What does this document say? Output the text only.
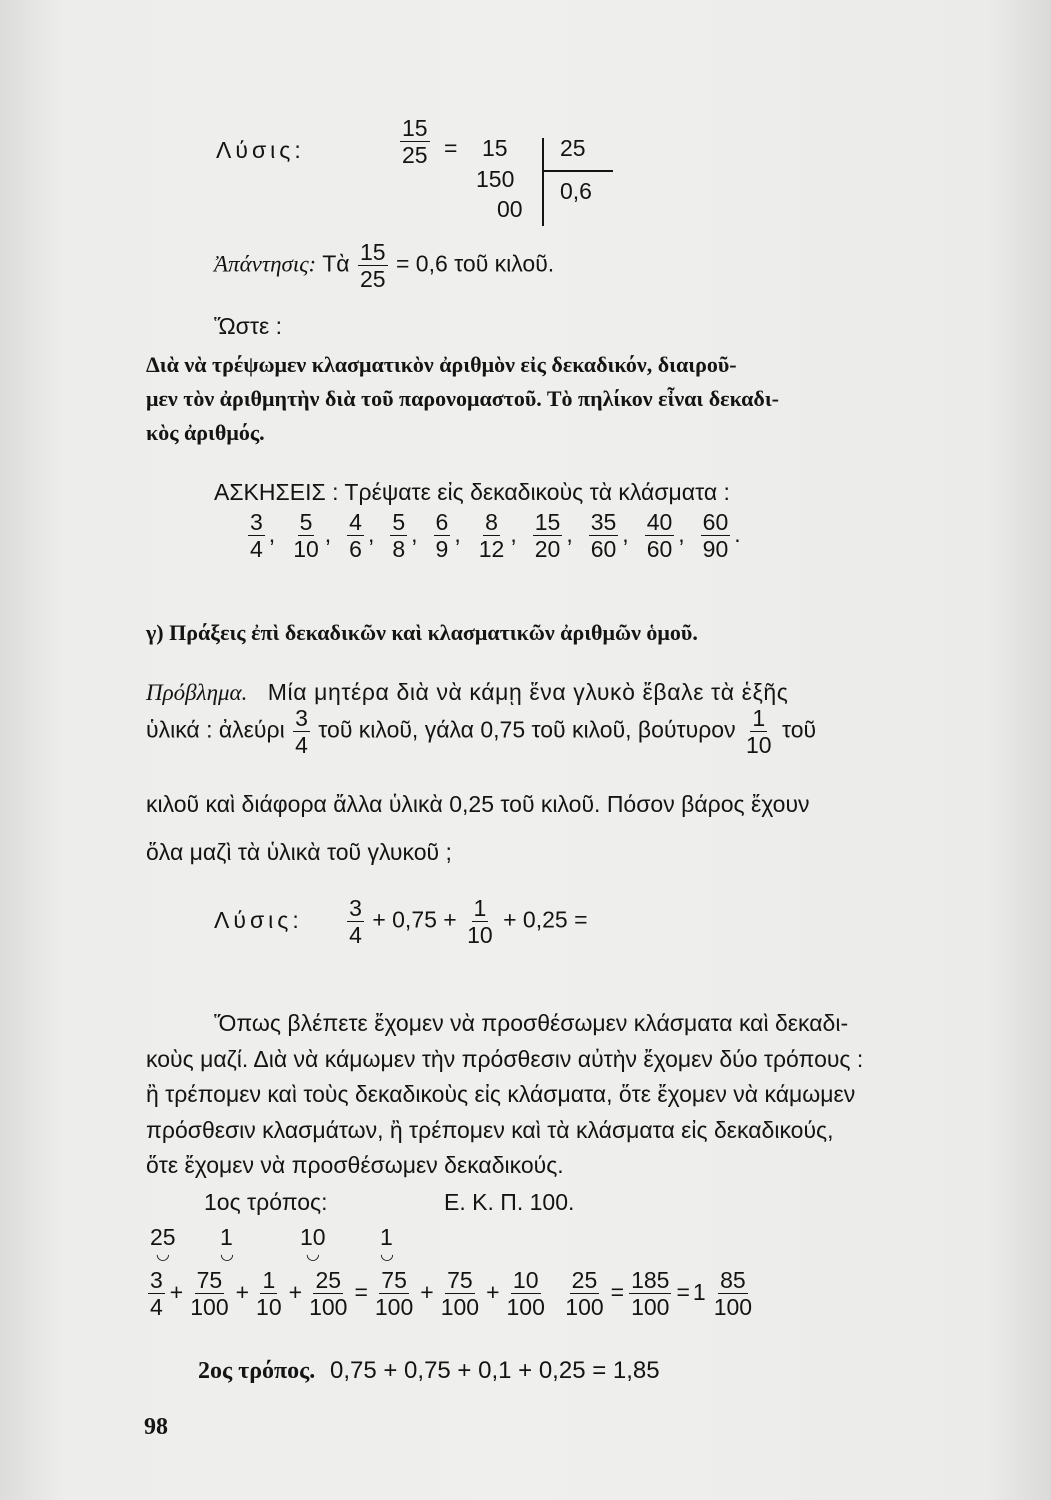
Λύσις:	$\frac{15}{25} = 15$ 25
150
00
0,6
Ἀπάντησις: Τὰ $\frac{15}{25} = 0,6$ τοῦ κιλοῦ.
Ὥστε :
Διὰ νὰ τρέψωμεν κλασματικὸν ἀριθμὸν εἰς δεκαδικόν, διαιροῦ-
μεν τὸν ἀριθμητὴν διὰ τοῦ παρονομαστοῦ. Τὸ πηλίκον εἶναι δεκαδι-
κὸς ἀριθμός.
ΑΣΚΗΣΕΙΣ : Τρέψατε εἰς δεκαδικοὺς τὰ κλάσματα :
$\frac{3}{4}$ , $\frac{5}{10}$ , $\frac{4}{6}$ , $\frac{5}{8}$ , $\frac{6}{9}$ , $\frac{8}{12}$ , $\frac{15}{20}$ , $\frac{35}{60}$ , $\frac{40}{60}$ , $\frac{60}{90}$ .
γ) Πράξεις ἐπὶ δεκαδικῶν καὶ κλασματικῶν ἀριθμῶν ὁμοῦ.
Πρόβλημα. Μία μητέρα διὰ νὰ κάμῃ ἕνα γλυκὸ ἔβαλε τὰ ἑξῆς
ὑλικά : ἀλεύρι $\frac{3}{4}$ τοῦ κιλοῦ, γάλα 0,75 τοῦ κιλοῦ, βούτυρον $\frac{1}{10}$ τοῦ
κιλοῦ καὶ διάφορα ἄλλα ὑλικὰ 0,25 τοῦ κιλοῦ. Πόσον βάρος ἔχουν
ὅλα μαζὶ τὰ ὑλικὰ τοῦ γλυκοῦ ;
Λύσις: $\frac{3}{4} + 0,75 + \frac{1}{10} + 0,25$ =
Ὅπως βλέπετε ἔχομεν νὰ προσθέσωμεν κλάσματα καὶ δεκαδι-
κοὺς μαζί. Διὰ νὰ κάμωμεν τὴν πρόσθεσιν αὐτὴν ἔχομεν δύο τρόπους :
ἢ τρέπομεν καὶ τοὺς δεκαδικοὺς εἰς κλάσματα, ὅτε ἔχομεν νὰ κάμωμεν
πρόσθεσιν κλασμάτων, ἢ τρέπομεν καὶ τὰ κλάσματα εἰς δεκαδικούς,
ὅτε ἔχομεν νὰ προσθέσωμεν δεκαδικούς.
1ος τρόπος:	Ε. Κ. Π. 100.
25
◡
1
◡
10
◡
1
◡
$\frac{3}{4} + \frac{75}{100} + \frac{1}{10} + \frac{25}{100} = \frac{75}{100} + \frac{75}{100} + \frac{10}{100}$
$\frac{25}{100} = \frac{185}{100} = 1 \frac{85}{100}$
2ος τρόπος. 0,75 + 0,75 + 0,1 + 0,25 = 1,85
98
